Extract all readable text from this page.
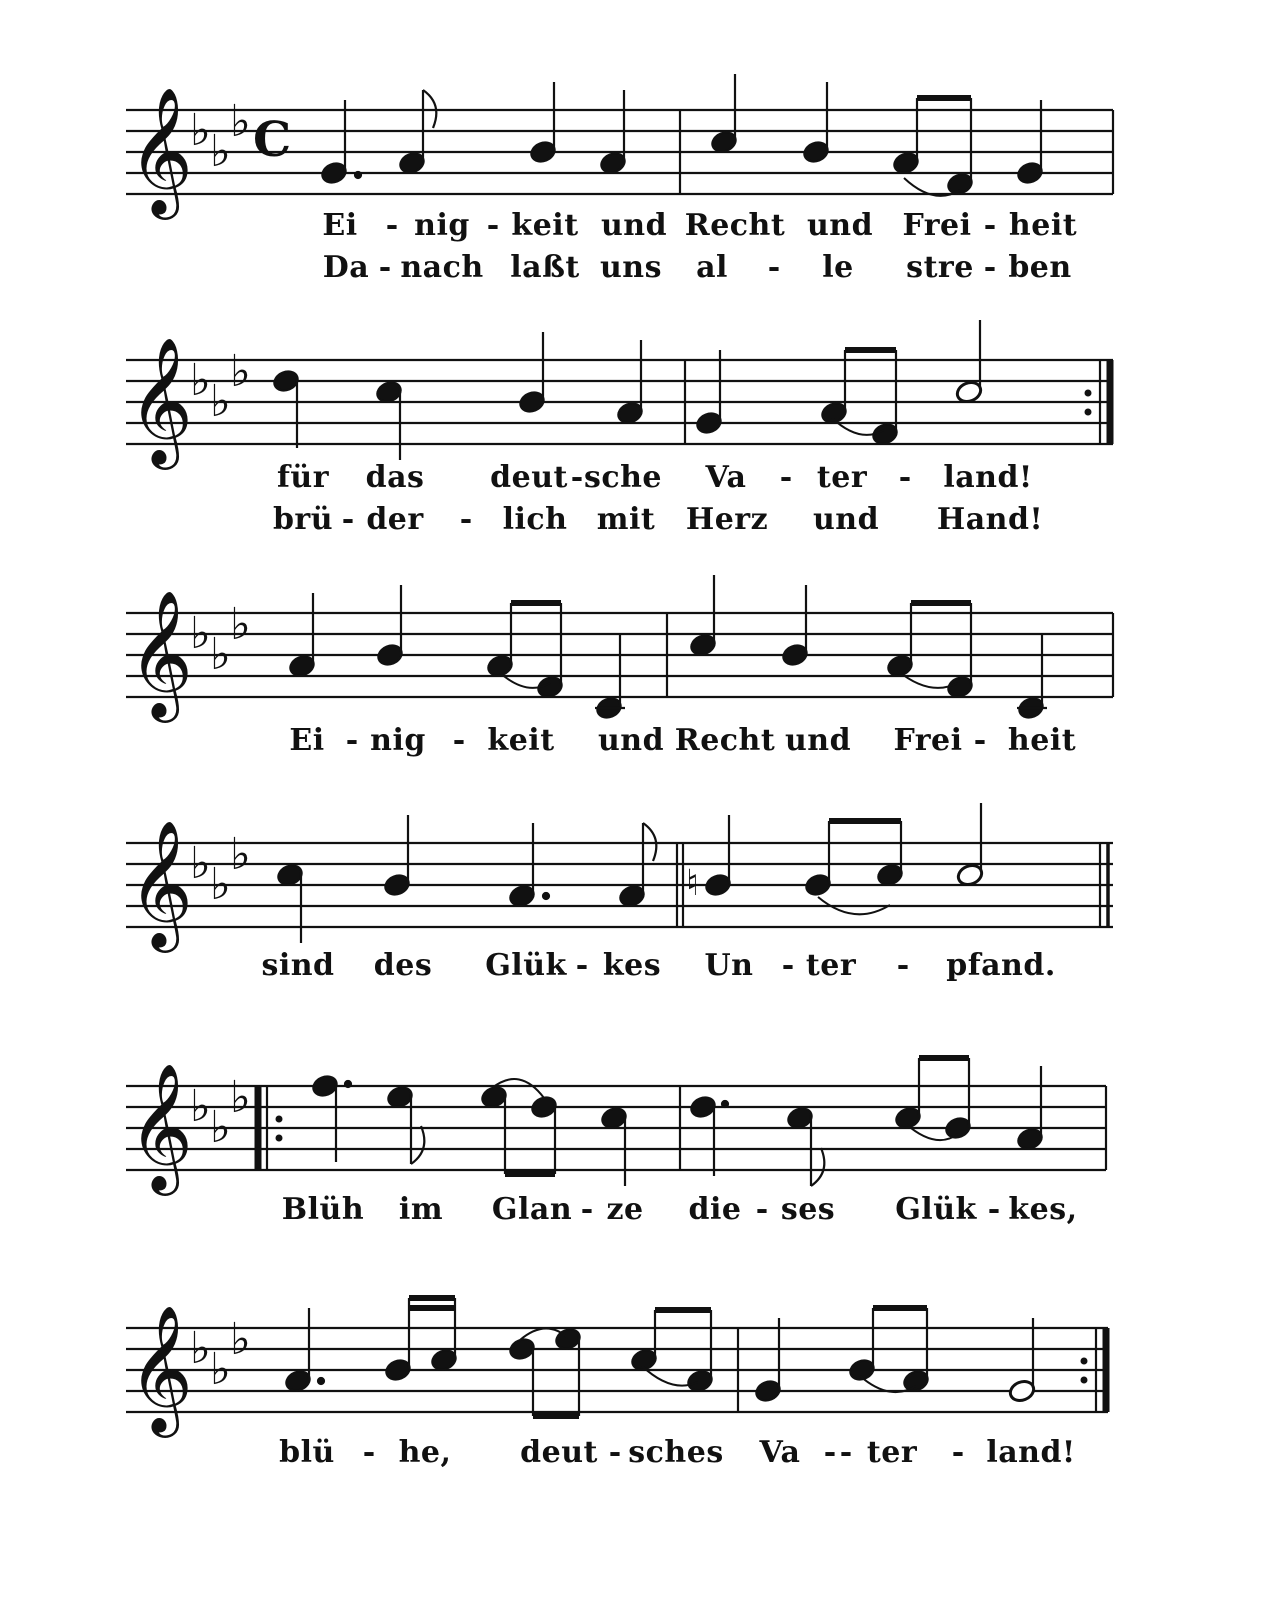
𝄞
♭ ♭
♭ C
Ei - nig - keit und Recht und Frei - heit
Da - nach laßt uns al - le stre - ben
𝄞
♭ ♭
♭
für das deut - sche Va - ter - land!
brü - der - lich mit Herz und Hand!
𝄞
♭ ♭
♭
Ei - nig - keit und Recht und Frei - heit
𝄞
♭ ♭
♭
♮
sind des Glük - kes Un - ter - pfand.
𝄞
♭ ♭
♭
Blüh im Glan - ze die - ses Glük - kes,
𝄞
♭ ♭
♭
blü - he, deut - sches Va - - ter - land!
